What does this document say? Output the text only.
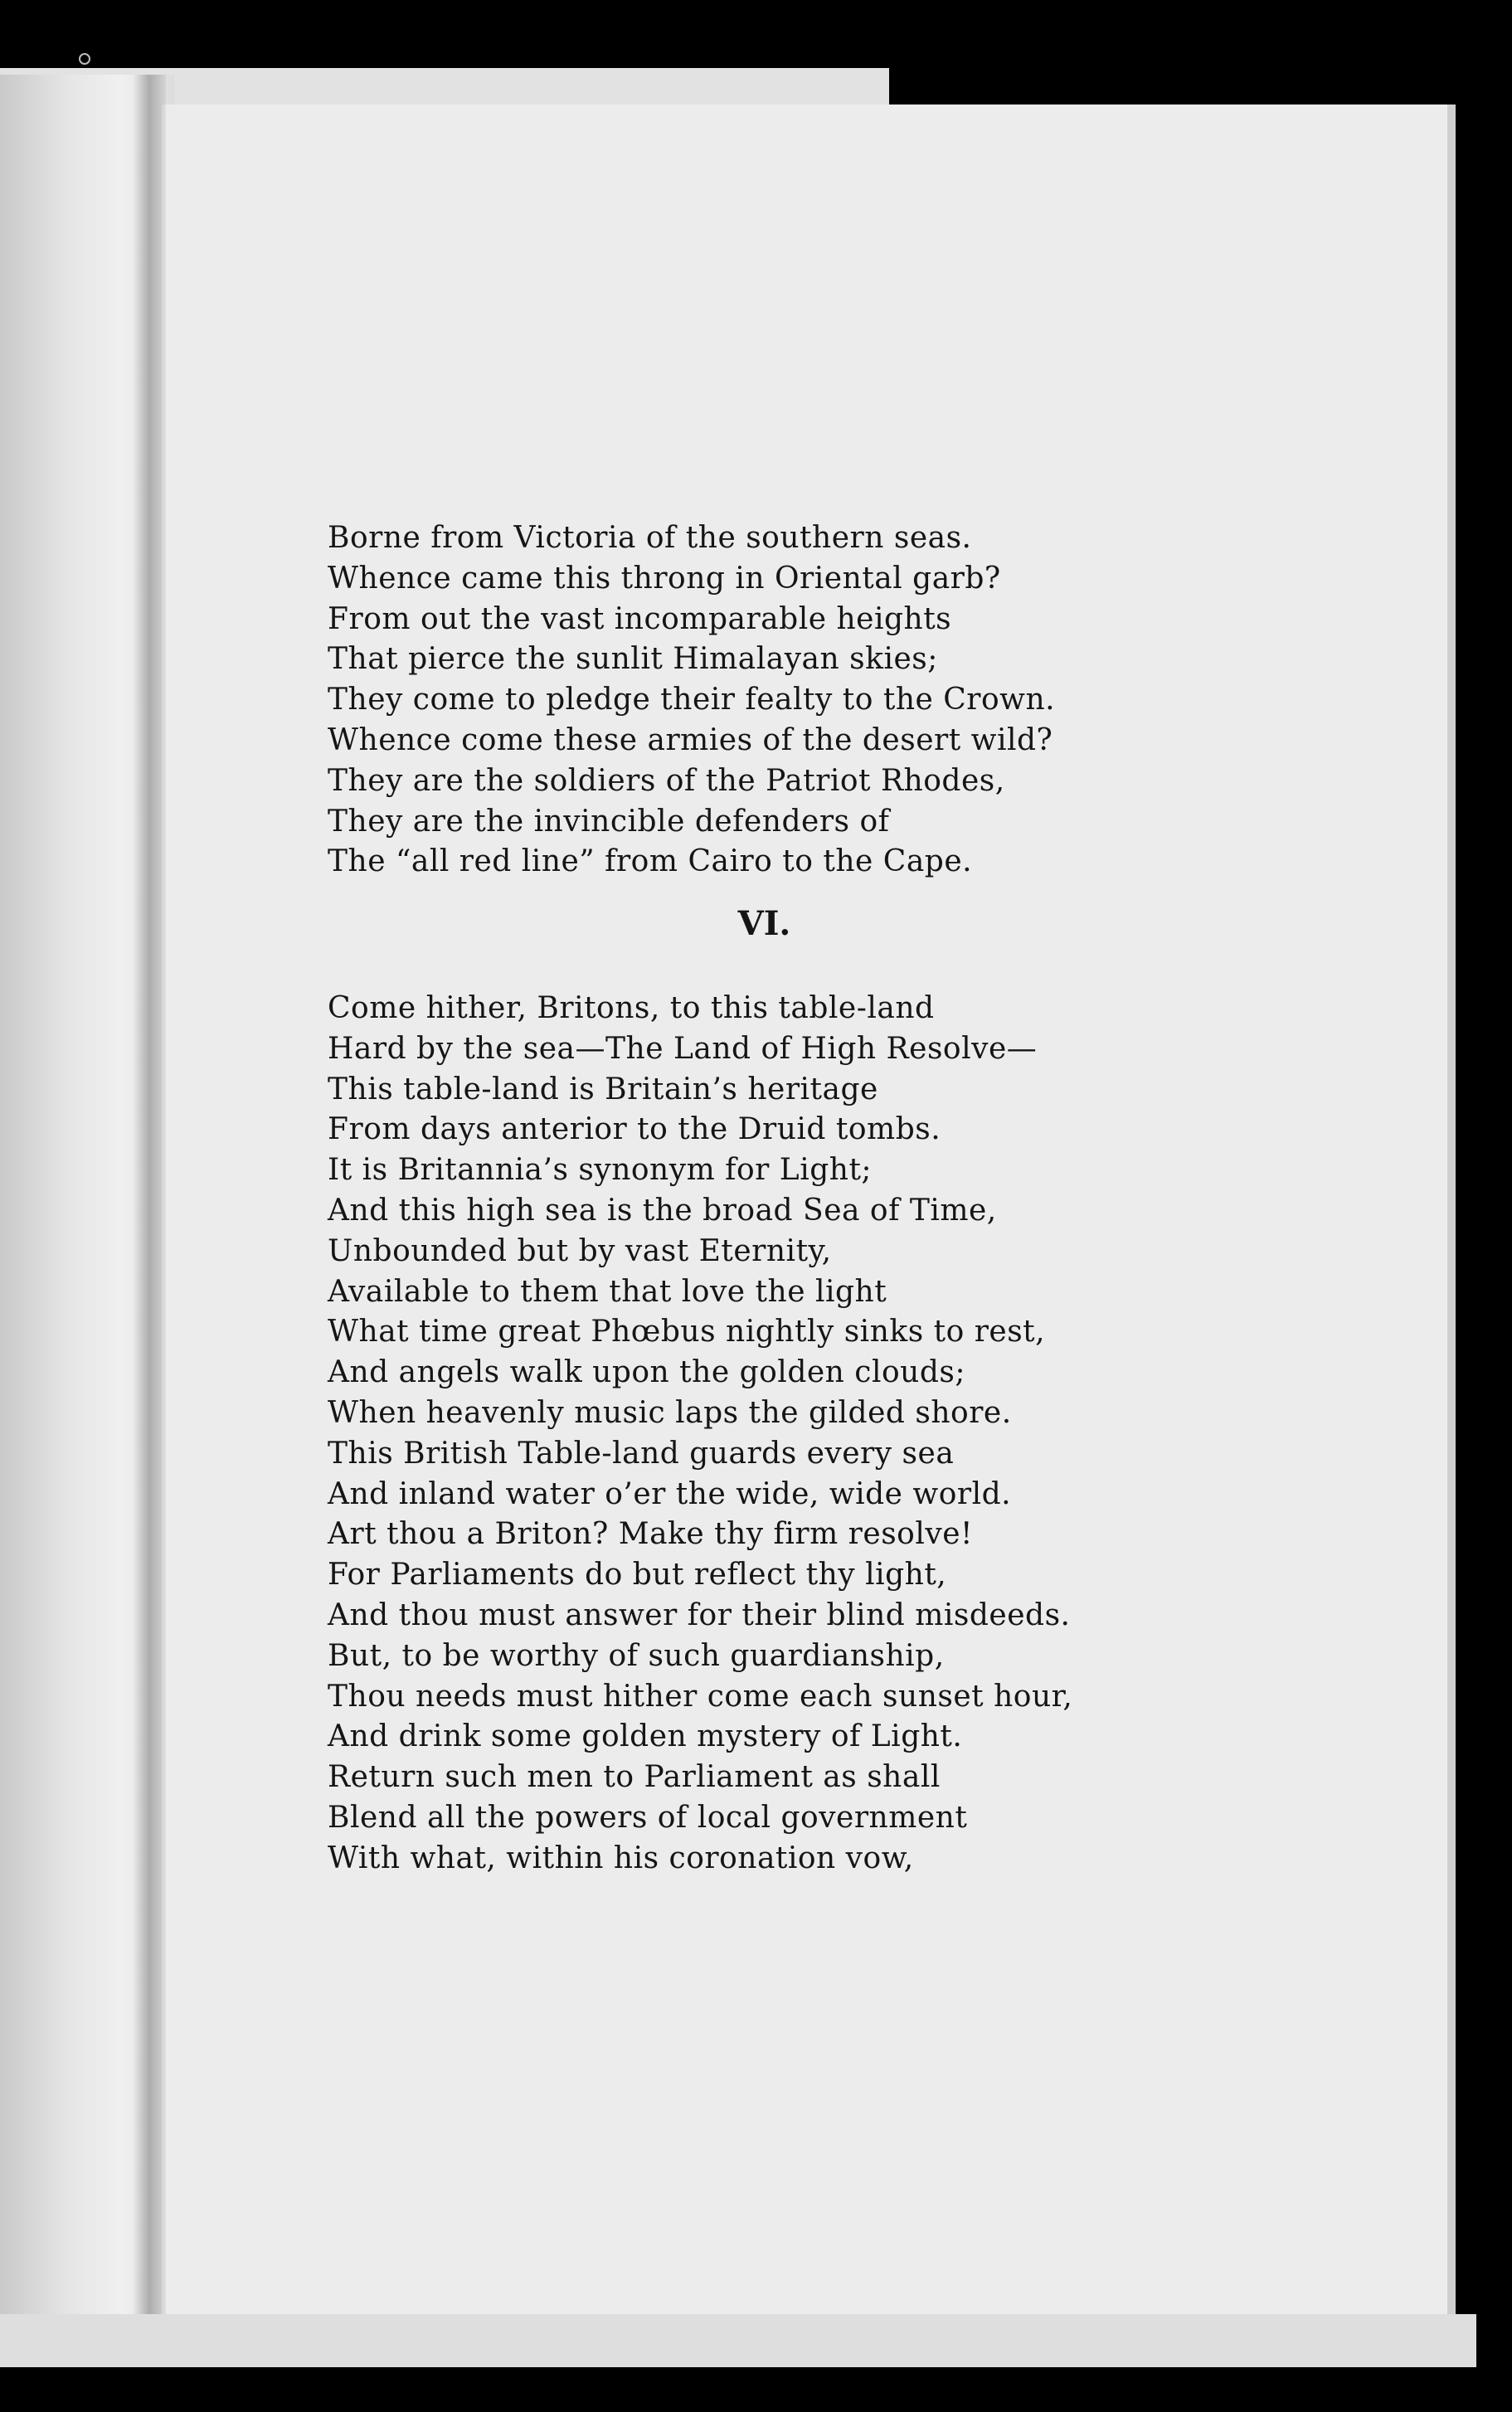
Borne from Victoria of the southern seas.
Whence came this throng in Oriental garb?
From out the vast incomparable heights
That pierce the sunlit Himalayan skies;
They come to pledge their fealty to the Crown.
Whence come these armies of the desert wild?
They are the soldiers of the Patriot Rhodes,
They are the invincible defenders of
The “all red line” from Cairo to the Cape.
VI.
Come hither, Britons, to this table-land
Hard by the sea—The Land of High Resolve—
This table-land is Britain’s heritage
From days anterior to the Druid tombs.
It is Britannia’s synonym for Light;
And this high sea is the broad Sea of Time,
Unbounded but by vast Eternity,
Available to them that love the light
What time great Phœbus nightly sinks to rest,
And angels walk upon the golden clouds;
When heavenly music laps the gilded shore.
This British Table-land guards every sea
And inland water o’er the wide, wide world.
Art thou a Briton? Make thy firm resolve!
For Parliaments do but reflect thy light,
And thou must answer for their blind misdeeds.
But, to be worthy of such guardianship,
Thou needs must hither come each sunset hour,
And drink some golden mystery of Light.
Return such men to Parliament as shall
Blend all the powers of local government
With what, within his coronation vow,
